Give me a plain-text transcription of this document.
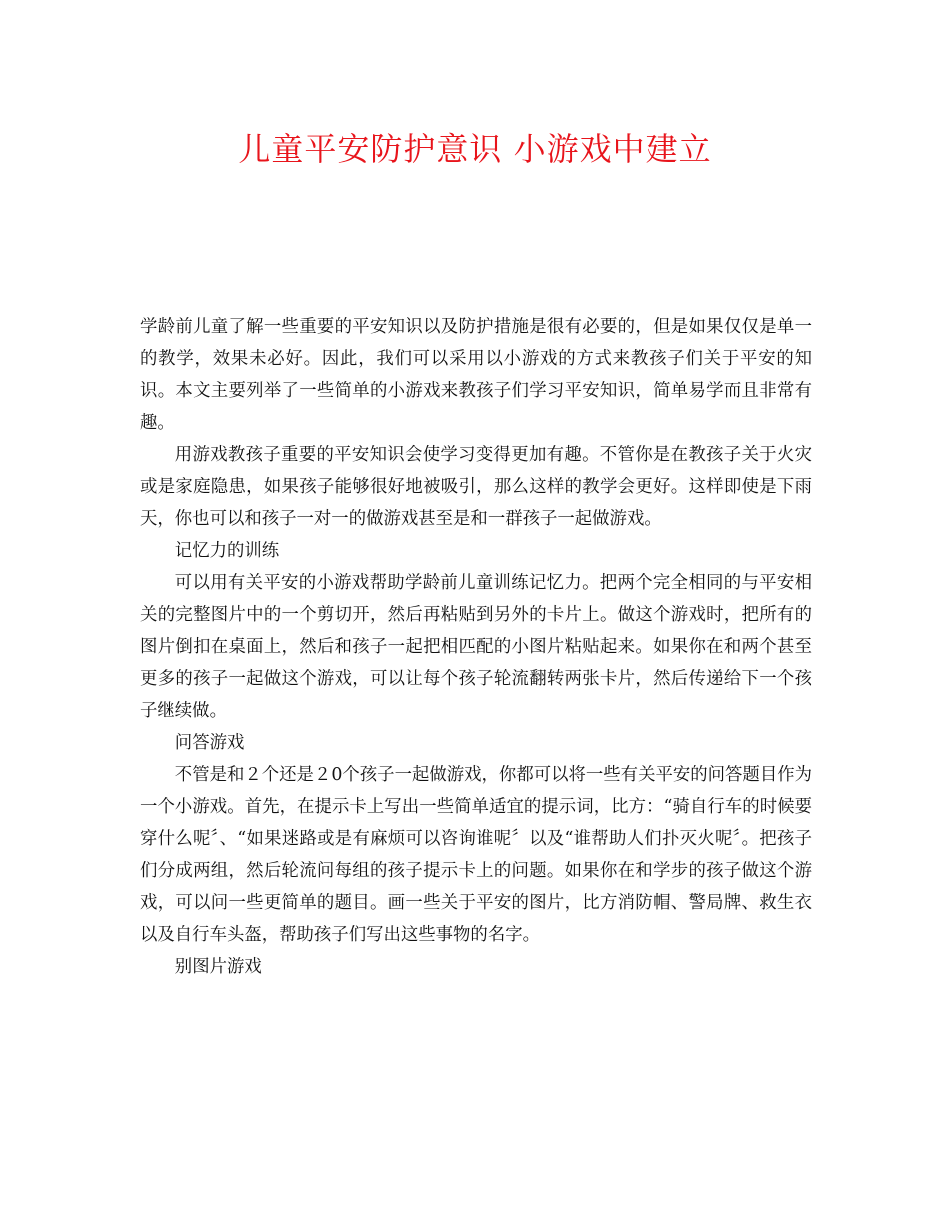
儿童平安防护意识 小游戏中建立

学龄前儿童了解一些重要的平安知识以及防护措施是很有必要的，但是如果仅仅是单一的教学，效果未必好。因此，我们可以采用以小游戏的方式来教孩子们关于平安的知识。本文主要列举了一些简单的小游戏来教孩子们学习平安知识，简单易学而且非常有趣。

用游戏教孩子重要的平安知识会使学习变得更加有趣。不管你是在教孩子关于火灾或是家庭隐患，如果孩子能够很好地被吸引，那么这样的教学会更好。这样即使是下雨天，你也可以和孩子一对一的做游戏甚至是和一群孩子一起做游戏。

记忆力的训练

可以用有关平安的小游戏帮助学龄前儿童训练记忆力。把两个完全相同的与平安相关的完整图片中的一个剪切开，然后再粘贴到另外的卡片上。做这个游戏时，把所有的图片倒扣在桌面上，然后和孩子一起把相匹配的小图片粘贴起来。如果你在和两个甚至更多的孩子一起做这个游戏，可以让每个孩子轮流翻转两张卡片，然后传递给下一个孩子继续做。

问答游戏

不管是和２个还是２0个孩子一起做游戏，你都可以将一些有关平安的问答题目作为一个小游戏。首先，在提示卡上写出一些简单适宜的提示词，比方：“骑自行车的时候要穿什么呢〞、“如果迷路或是有麻烦可以咨询谁呢〞以及“谁帮助人们扑灭火呢〞。把孩子们分成两组，然后轮流问每组的孩子提示卡上的问题。如果你在和学步的孩子做这个游戏，可以问一些更简单的题目。画一些关于平安的图片，比方消防帽、警局牌、救生衣以及自行车头盔，帮助孩子们写出这些事物的名字。

别图片游戏
